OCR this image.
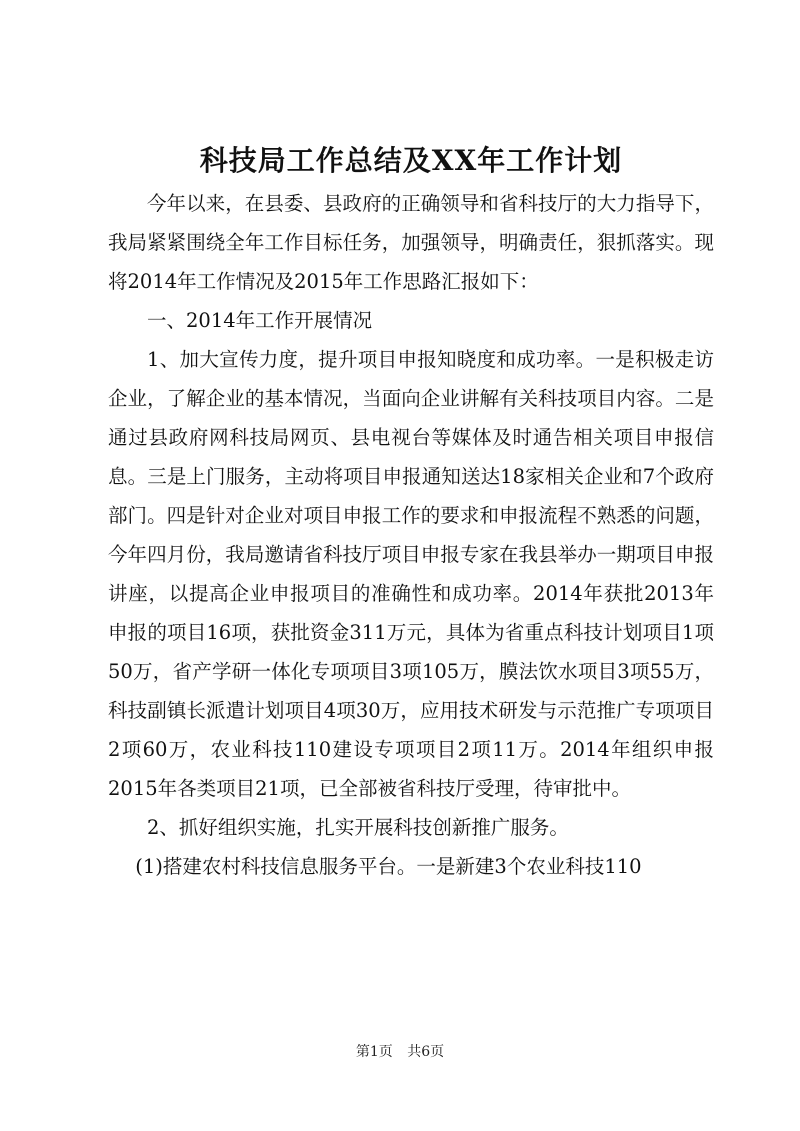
科技局工作总结及XX年工作计划

今年以来，在县委、县政府的正确领导和省科技厅的大力指导下，我局紧紧围绕全年工作目标任务，加强领导，明确责任，狠抓落实。现将2014年工作情况及2015年工作思路汇报如下：

一、2014年工作开展情况

1、加大宣传力度，提升项目申报知晓度和成功率。一是积极走访企业，了解企业的基本情况，当面向企业讲解有关科技项目内容。二是通过县政府网科技局网页、县电视台等媒体及时通告相关项目申报信息。三是上门服务，主动将项目申报通知送达18家相关企业和7个政府部门。四是针对企业对项目申报工作的要求和申报流程不熟悉的问题，今年四月份，我局邀请省科技厅项目申报专家在我县举办一期项目申报讲座，以提高企业申报项目的准确性和成功率。2014年获批2013年申报的项目16项，获批资金311万元，具体为省重点科技计划项目1项50万，省产学研一体化专项项目3项105万，膜法饮水项目3项55万，科技副镇长派遣计划项目4项30万，应用技术研发与示范推广专项项目2项60万，农业科技110建设专项项目2项11万。2014年组织申报2015年各类项目21项，已全部被省科技厅受理，待审批中。

2、抓好组织实施，扎实开展科技创新推广服务。

(1)搭建农村科技信息服务平台。一是新建3个农业科技110

第1页 共6页
